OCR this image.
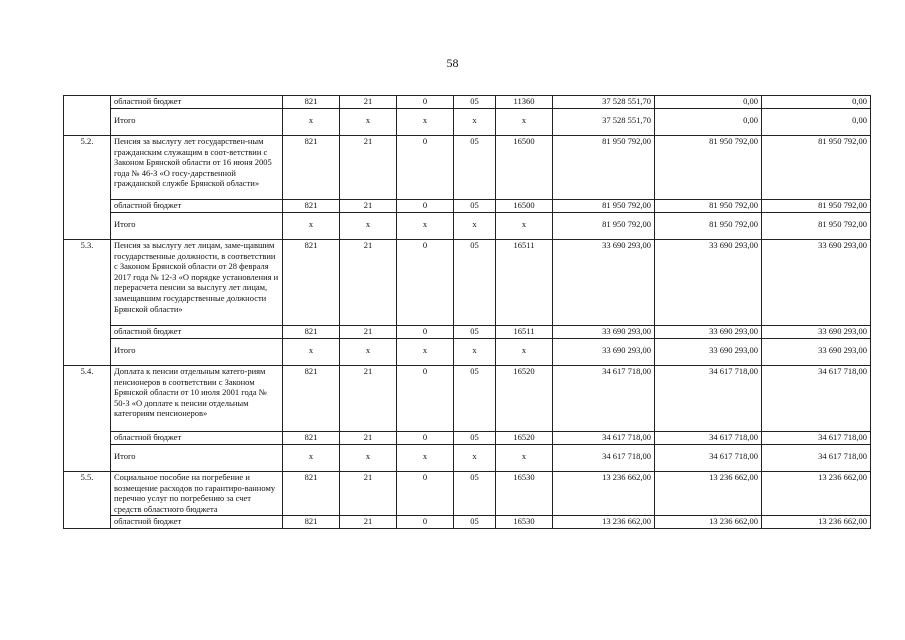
58
	областной бюджет	821	21	0	05	11360	37 528 551,70	0,00	0,00
	Итого	x	x	x	x	x	37 528 551,70	0,00	0,00
5.2.	Пенсия за выслугу лет государствен-ным гражданским служащим в соот-ветствии с Законом Брянской области от 16 июня 2005 года № 46-З «О госу-дарственной гражданской службе Брянской области»	821	21	0	05	16500	81 950 792,00	81 950 792,00	81 950 792,00
	областной бюджет	821	21	0	05	16500	81 950 792,00	81 950 792,00	81 950 792,00
	Итого	x	x	x	x	x	81 950 792,00	81 950 792,00	81 950 792,00
5.3.	Пенсия за выслугу лет лицам, заме-щавшим государственные должности, в соответствии с Законом Брянской области от 28 февраля 2017 года № 12-З «О порядке установления и перерасчета пенсии за выслугу лет лицам, замещавшим государственные должности Брянской области»	821	21	0	05	16511	33 690 293,00	33 690 293,00	33 690 293,00
	областной бюджет	821	21	0	05	16511	33 690 293,00	33 690 293,00	33 690 293,00
	Итого	x	x	x	x	x	33 690 293,00	33 690 293,00	33 690 293,00
5.4.	Доплата к пенсии отдельным катего-риям пенсионеров в соответствии с Законом Брянской области от 10 июля 2001 года № 50-З «О доплате к пенсии отдельным категориям пенсионеров»	821	21	0	05	16520	34 617 718,00	34 617 718,00	34 617 718,00
	областной бюджет	821	21	0	05	16520	34 617 718,00	34 617 718,00	34 617 718,00
	Итого	x	x	x	x	x	34 617 718,00	34 617 718,00	34 617 718,00
5.5.	Социальное пособие на погребение и возмещение расходов по гарантиро-ванному перечню услуг по погребению за счет средств областного бюджета	821	21	0	05	16530	13 236 662,00	13 236 662,00	13 236 662,00
	областной бюджет	821	21	0	05	16530	13 236 662,00	13 236 662,00	13 236 662,00
